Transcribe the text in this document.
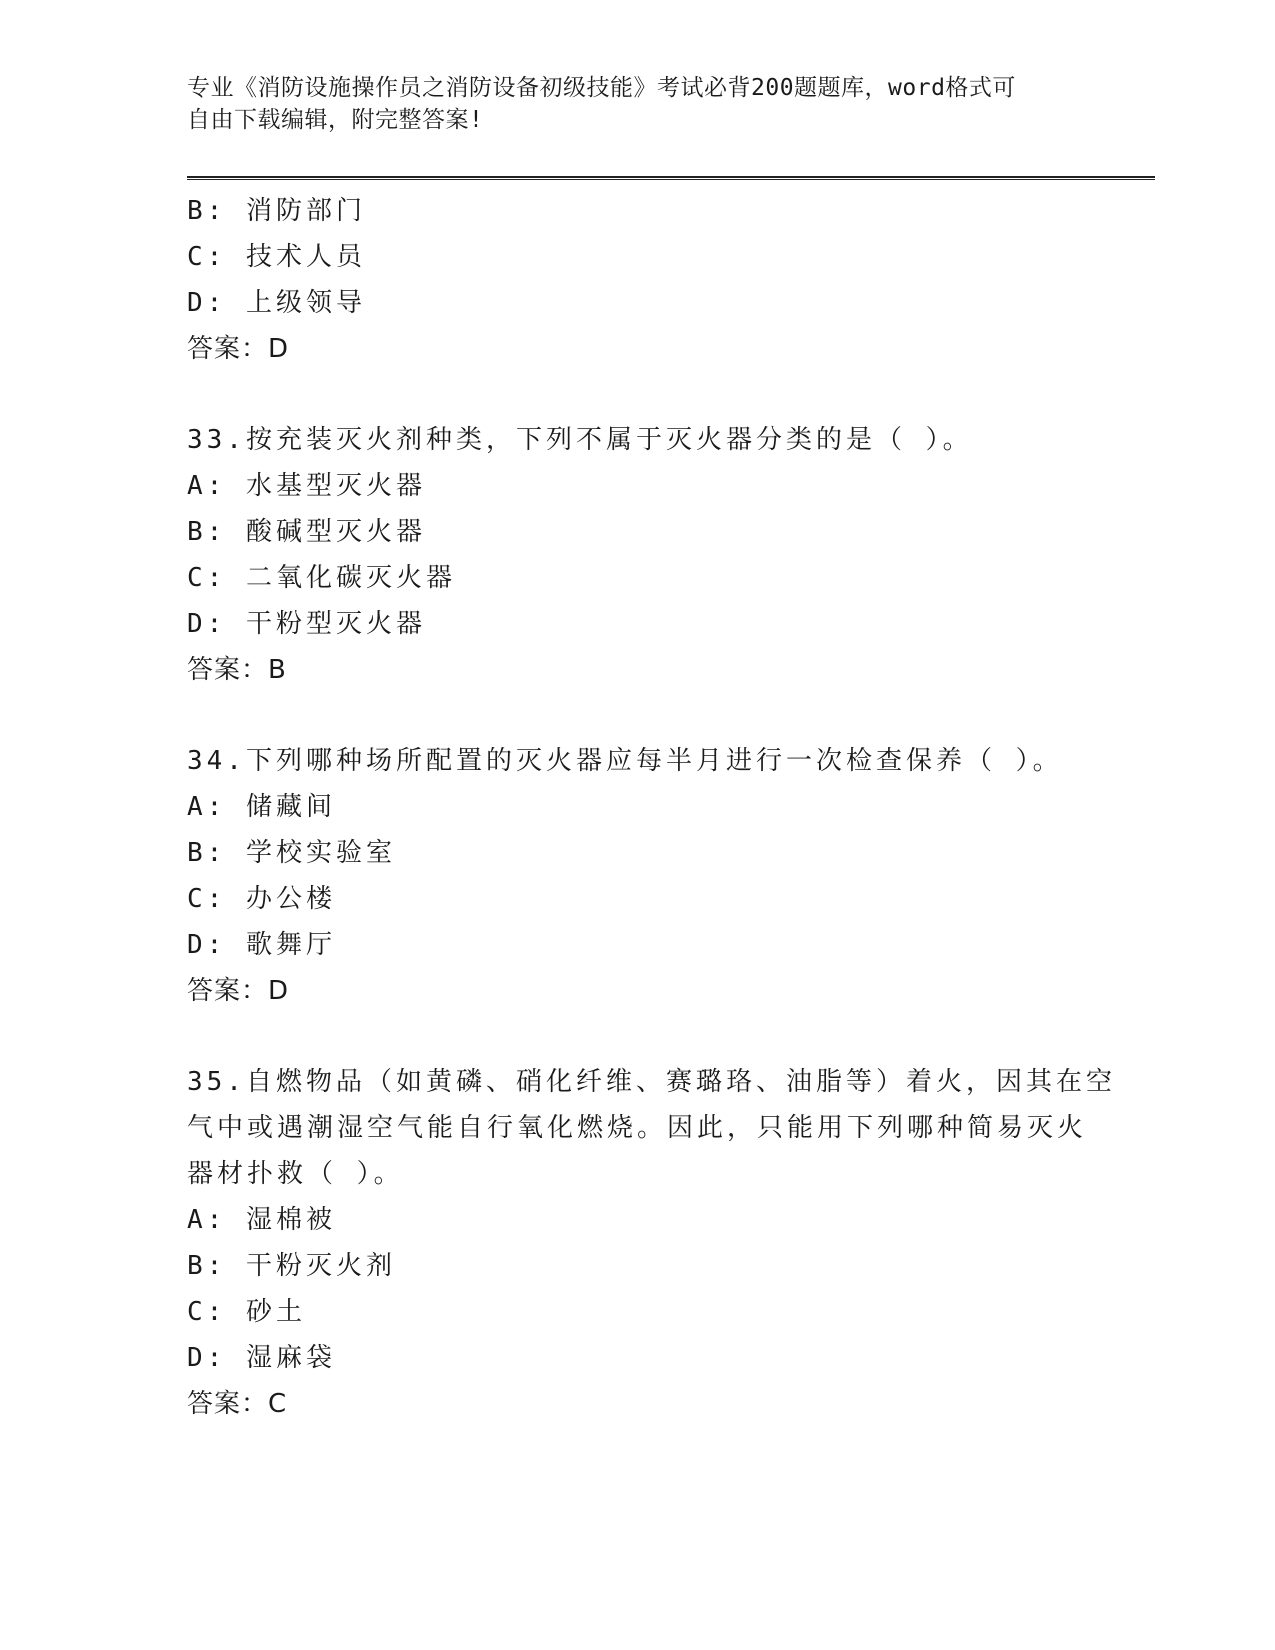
专业《消防设施操作员之消防设备初级技能》考试必背200题题库，word格式可
自由下载编辑，附完整答案!
B: 消防部门
C: 技术人员
D: 上级领导
答案：D
33.按充装灭火剂种类，下列不属于灭火器分类的是（ ）。
A: 水基型灭火器
B: 酸碱型灭火器
C: 二氧化碳灭火器
D: 干粉型灭火器
答案：B
34.下列哪种场所配置的灭火器应每半月进行一次检查保养（ ）。
A: 储藏间
B: 学校实验室
C: 办公楼
D: 歌舞厅
答案：D
35.自燃物品（如黄磷、硝化纤维、赛璐珞、油脂等）着火，因其在空
气中或遇潮湿空气能自行氧化燃烧。因此，只能用下列哪种简易灭火
器材扑救（ ）。
A: 湿棉被
B: 干粉灭火剂
C: 砂土
D: 湿麻袋
答案：C
